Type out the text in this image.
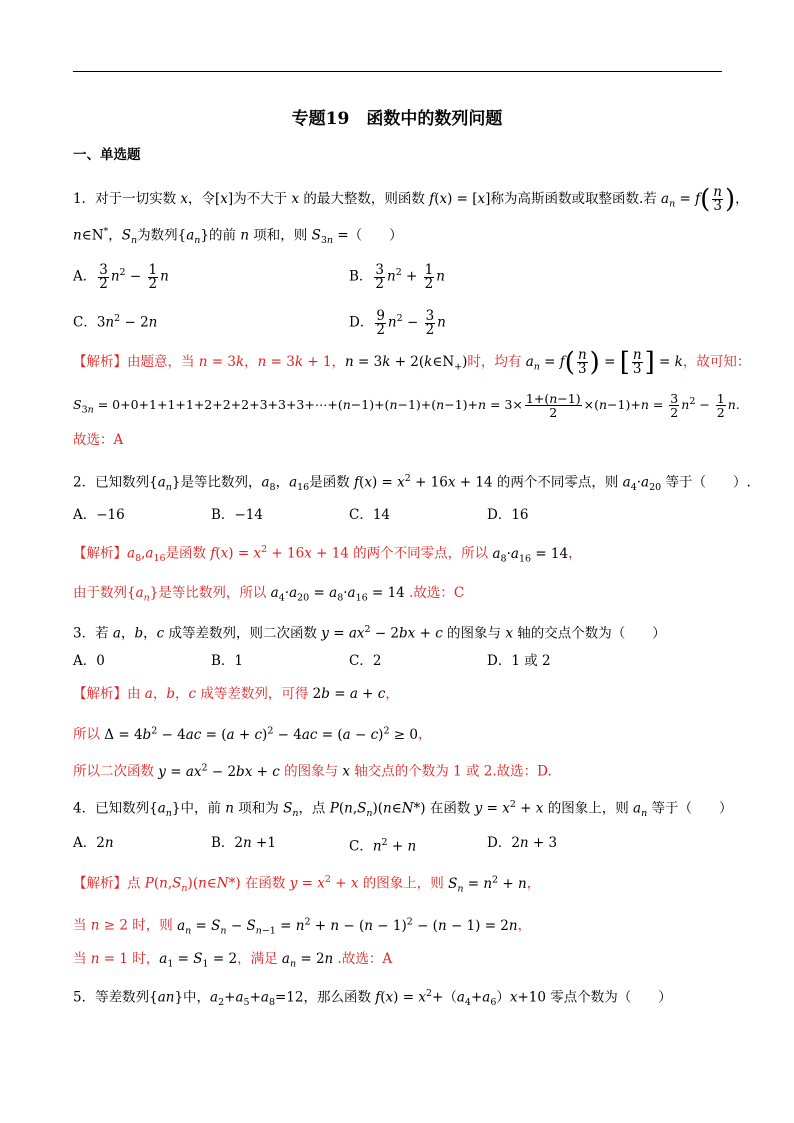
专题19　函数中的数列问题
一、单选题
1．对于一切实数 x，令[x]为不大于 x 的最大整数，则函数 f(x) = [x]称为高斯函数或取整函数.若 $a_n = f( \frac{n}{3}$ )，
n∈N*，$S_n$为数列$\{a_n\}$的前 n 项和，则 $S_{3n}$ =（　　）
A． $\frac{3}{2} n^2 - \frac{1}{2}$ n	B． $\frac{3}{2} n^2 + \frac{1}{2}$ n
C．$3n^2 - 2n$	D． $\frac{9}{2} n^2 - \frac{3}{2}$ n
【解析】由题意，当 n = 3k，n = 3k + 1，$n = 3k + 2(k\in N_+)$时，均有 $a_n = f( \frac{n}{3}$ ) = [ $\frac{n}{3}$ ] = k，故可知：
$S_{3n}$ = 0+0+1+1+1+2+2+2+3+3+3+⋯+(n−1)+(n−1)+(n−1)+n = $3\times \frac{1+(n-1)}{2} \times(n-1)+n = \frac{3}{2} n^2 - \frac{1}{2} n$.
故选：A
2．已知数列$\{a_n\}$是等比数列，$a_8$，$a_{16}$是函数 $f(x) = x^2 + 16x + 14$ 的两个不同零点，则 $a_4\cdot a_{20}$ 等于（　　）.
A．−16	B．−14	C．14	D．16
【解析】$a_8,a_{16}$是函数 $f(x) = x^2 + 16x + 14$ 的两个不同零点，所以 $a_8\cdot a_{16} = 14$，
由于数列$\{a_n\}$是等比数列，所以 $a_4\cdot a_{20} = a_8\cdot a_{16} = 14$ .故选：C
3．若 a，b，c 成等差数列，则二次函数 $y = ax^2 - 2bx + c$ 的图象与 x 轴的交点个数为（　　）
A．0	B．1	C．2	D．1 或 2
【解析】由 a，b，c 成等差数列，可得 2b = a + c，
所以 $\Delta = 4b^2 - 4ac = (a + c)^2 - 4ac = (a - c)^2 \ge 0$，
所以二次函数 $y = ax^2 - 2bx + c$ 的图象与 x 轴交点的个数为 1 或 2.故选：D.
4．已知数列$\{a_n\}$中，前 n 项和为 $S_n$，点 $P(n,S_n)(n\in N*)$ 在函数 $y = x^2 + x$ 的图象上，则 $a_n$ 等于（　　）
A．2n	B．2n +1	C．$n^2 + n$	D．2n + 3
【解析】点 $P(n,S_n)(n\in N*)$ 在函数 $y = x^2 + x$ 的图象上，则 $S_n = n^2 + n$，
当 n ≥ 2 时，则 $a_n = S_n - S_{n-1} = n^2 + n - (n - 1)^2 - (n - 1) = 2n$，
当 n = 1 时，$a_1 = S_1 = 2$，满足 $a_n = 2n$ .故选：A
5．等差数列{an}中，$a_2+a_5+a_8=12$，那么函数 $f(x) = x^2+(a_4+a_6)x+10$ 零点个数为（　　）
